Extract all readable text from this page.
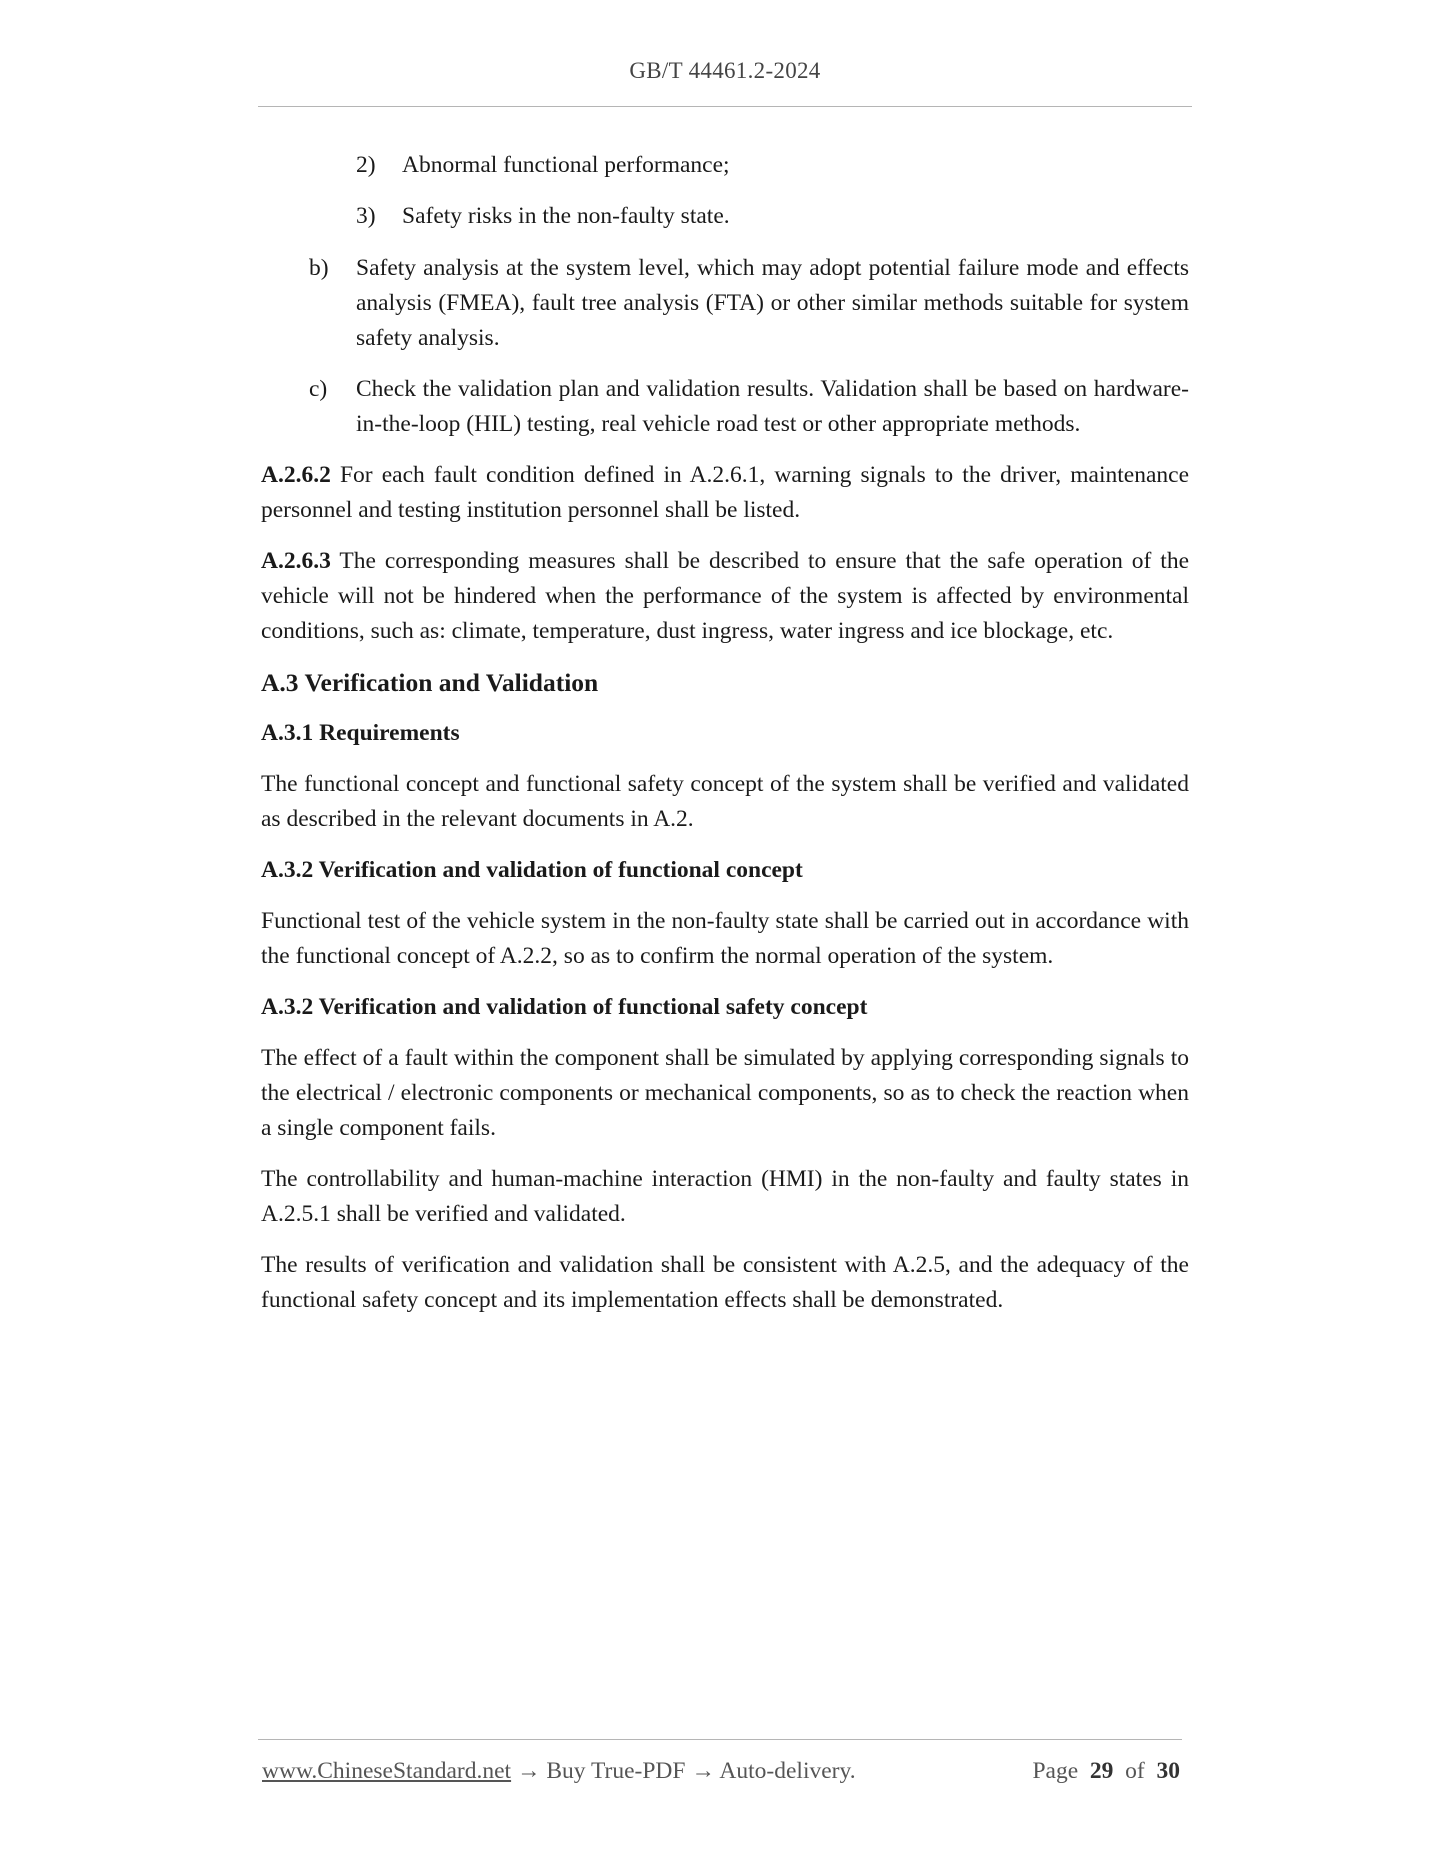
GB/T 44461.2-2024

2) Abnormal functional performance;

3) Safety risks in the non-faulty state.

b) Safety analysis at the system level, which may adopt potential failure mode and effects analysis (FMEA), fault tree analysis (FTA) or other similar methods suitable for system safety analysis.

c) Check the validation plan and validation results. Validation shall be based on hardware-in-the-loop (HIL) testing, real vehicle road test or other appropriate methods.

A.2.6.2 For each fault condition defined in A.2.6.1, warning signals to the driver, maintenance personnel and testing institution personnel shall be listed.

A.2.6.3 The corresponding measures shall be described to ensure that the safe operation of the vehicle will not be hindered when the performance of the system is affected by environmental conditions, such as: climate, temperature, dust ingress, water ingress and ice blockage, etc.

A.3 Verification and Validation

A.3.1 Requirements

The functional concept and functional safety concept of the system shall be verified and validated as described in the relevant documents in A.2.

A.3.2 Verification and validation of functional concept

Functional test of the vehicle system in the non-faulty state shall be carried out in accordance with the functional concept of A.2.2, so as to confirm the normal operation of the system.

A.3.2 Verification and validation of functional safety concept

The effect of a fault within the component shall be simulated by applying corresponding signals to the electrical / electronic components or mechanical components, so as to check the reaction when a single component fails.

The controllability and human-machine interaction (HMI) in the non-faulty and faulty states in A.2.5.1 shall be verified and validated.

The results of verification and validation shall be consistent with A.2.5, and the adequacy of the functional safety concept and its implementation effects shall be demonstrated.

www.ChineseStandard.net → Buy True-PDF → Auto-delivery.	Page 29 of 30
